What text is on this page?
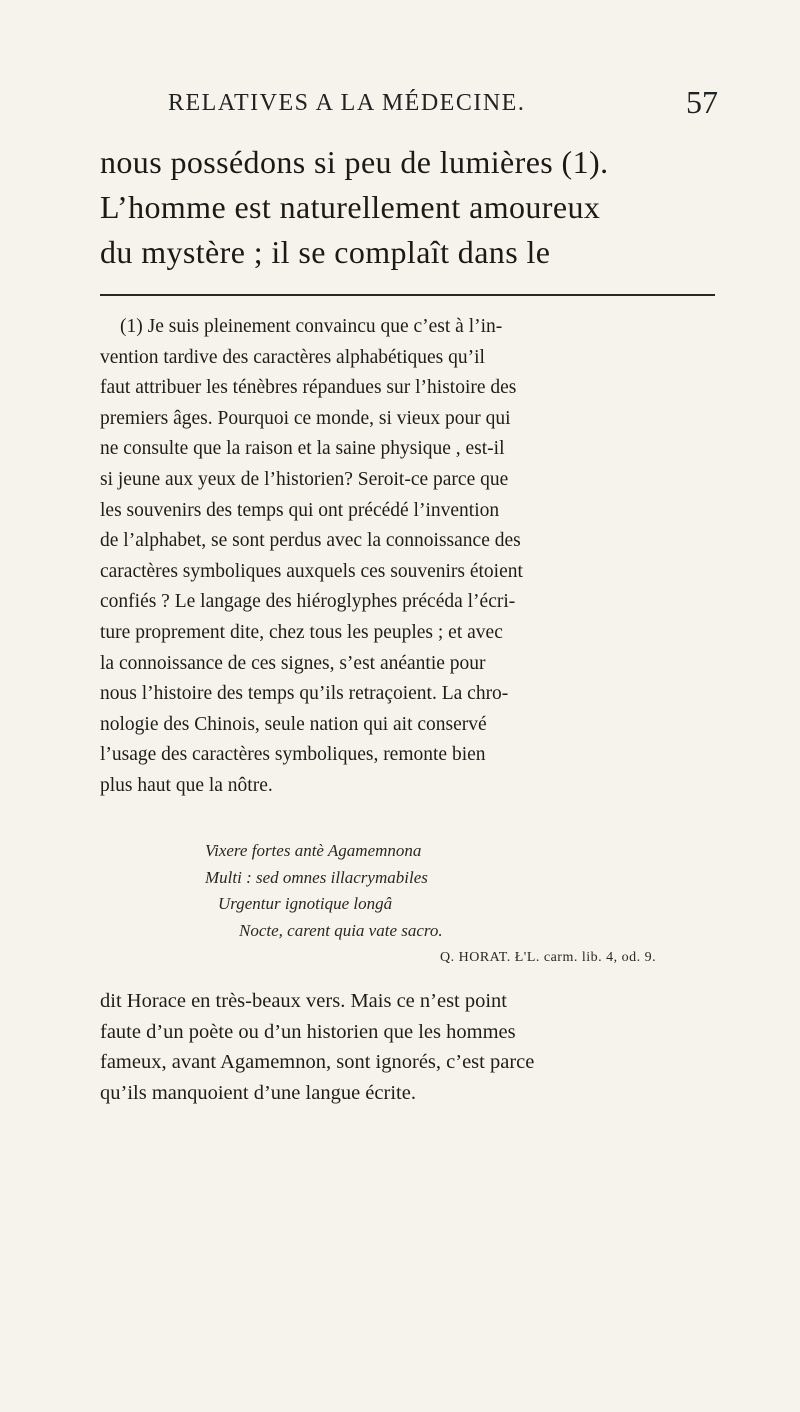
RELATIVES A LA MÉDECINE.	57
nous possédons si peu de lumières (1).
L’homme est naturellement amoureux
du mystère ; il se complaît dans le
(1) Je suis pleinement convaincu que c’est à l’in-
vention tardive des caractères alphabétiques qu’il
faut attribuer les ténèbres répandues sur l’histoire des
premiers âges. Pourquoi ce monde, si vieux pour qui
ne consulte que la raison et la saine physique , est-il
si jeune aux yeux de l’historien? Seroit-ce parce que
les souvenirs des temps qui ont précédé l’invention
de l’alphabet, se sont perdus avec la connoissance des
caractères symboliques auxquels ces souvenirs étoient
confiés ? Le langage des hiéroglyphes précéda l’écri-
ture proprement dite, chez tous les peuples ; et avec
la connoissance de ces signes, s’est anéantie pour
nous l’histoire des temps qu’ils retraçoient. La chro-
nologie des Chinois, seule nation qui ait conservé
l’usage des caractères symboliques, remonte bien
plus haut que la nôtre.
Vixere fortes antè Agamemnona
Multi : sed omnes illacrymabiles
Urgentur ignotique longâ
Nocte, carent quia vate sacro.
Q. HORAT. Ł'L. carm. lib. 4, od. 9.
dit Horace en très-beaux vers. Mais ce n’est point
faute d’un poète ou d’un historien que les hommes
fameux, avant Agamemnon, sont ignorés, c’est parce
qu’ils manquoient d’une langue écrite.
